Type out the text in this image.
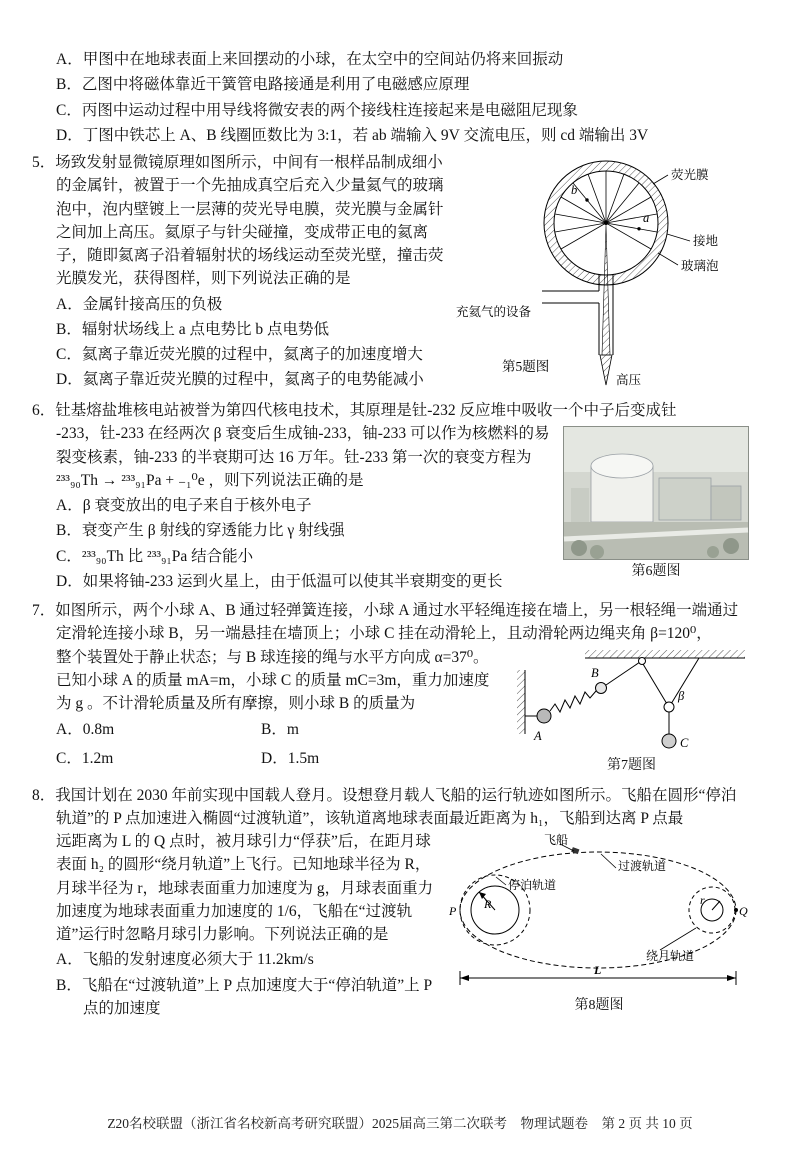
A．甲图中在地球表面上来回摆动的小球，在太空中的空间站仍将来回振动

B．乙图中将磁体靠近干簧管电路接通是利用了电磁感应原理

C．丙图中运动过程中用导线将微安表的两个接线柱连接起来是电磁阻尼现象

D．丁图中铁芯上 A、B 线圈匝数比为 3:1，若 ab 端输入 9V 交流电压，则 cd 端输出 3V

荧光膜
接地
玻璃泡
充氦气的设备
高压
a
b
第5题图

5．场致发射显微镜原理如图所示，中间有一根样品制成细小的金属针，被置于一个先抽成真空后充入少量氦气的玻璃泡中，泡内壁镀上一层薄的荧光导电膜，荧光膜与金属针之间加上高压。氦原子与针尖碰撞，变成带正电的氦离子，随即氦离子沿着辐射状的场线运动至荧光壁，撞击荧光膜发光，获得图样，则下列说法正确的是

A．金属针接高压的负极

B．辐射状场线上 a 点电势比 b 点电势低

C．氦离子靠近荧光膜的过程中，氦离子的加速度增大

D．氦离子靠近荧光膜的过程中，氦离子的电势能减小

6．钍基熔盐堆核电站被誉为第四代核电技术，其原理是钍-232 反应堆中吸收一个中子后变成钍

第6题图

-233，钍-233 在经两次 β 衰变后生成铀-233，铀-233 可以作为核燃料的易裂变核素，铀-233 的半衰期可达 16 万年。钍-233 第一次的衰变方程为 ²³³₉₀Th → ²³³₉₁Pa + ₋₁⁰e ，则下列说法正确的是

A．β 衰变放出的电子来自于核外电子

B．衰变产生 β 射线的穿透能力比 γ 射线强

C．²³³₉₀Th 比 ²³³₉₁Pa 结合能小

D．如果将铀-233 运到火星上，由于低温可以使其半衰期变的更长

7．如图所示，两个小球 A、B 通过轻弹簧连接，小球 A 通过水平轻绳连接在墙上，另一根轻绳一端通过定滑轮连接小球 B，另一端悬挂在墙顶上；小球 C 挂在动滑轮上，且动滑轮两边绳夹角 β=120⁰，

A
B
C
β
第7题图

整个装置处于静止状态；与 B 球连接的绳与水平方向成 α=37⁰。已知小球 A 的质量 mA=m，小球 C 的质量 mC=3m，重力加速度为 g 。不计滑轮质量及所有摩擦，则小球 B 的质量为

A．0.8m	B．m

C．1.2m	D．1.5m

8．我国计划在 2030 年前实现中国载人登月。设想登月载人飞船的运行轨迹如图所示。飞船在圆形“停泊轨道”的 P 点加速进入椭圆“过渡轨道”，该轨道离地球表面最近距离为 h₁，飞船到达离 P 点最

飞船
停泊轨道
过渡轨道
绕月轨道
P	Q
R	r
L
第8题图

远距离为 L 的 Q 点时，被月球引力“俘获”后，在距月球表面 h₂ 的圆形“绕月轨道”上飞行。已知地球半径为 R，月球半径为 r，地球表面重力加速度为 g，月球表面重力加速度为地球表面重力加速度的 1/6，飞船在“过渡轨道”运行时忽略月球引力影响。下列说法正确的是

A．飞船的发射速度必须大于 11.2km/s

B．飞船在“过渡轨道”上 P 点加速度大于“停泊轨道”上 P 点的加速度

Z20名校联盟（浙江省名校新高考研究联盟）2025届高三第二次联考　物理试题卷　第 2 页 共 10 页
